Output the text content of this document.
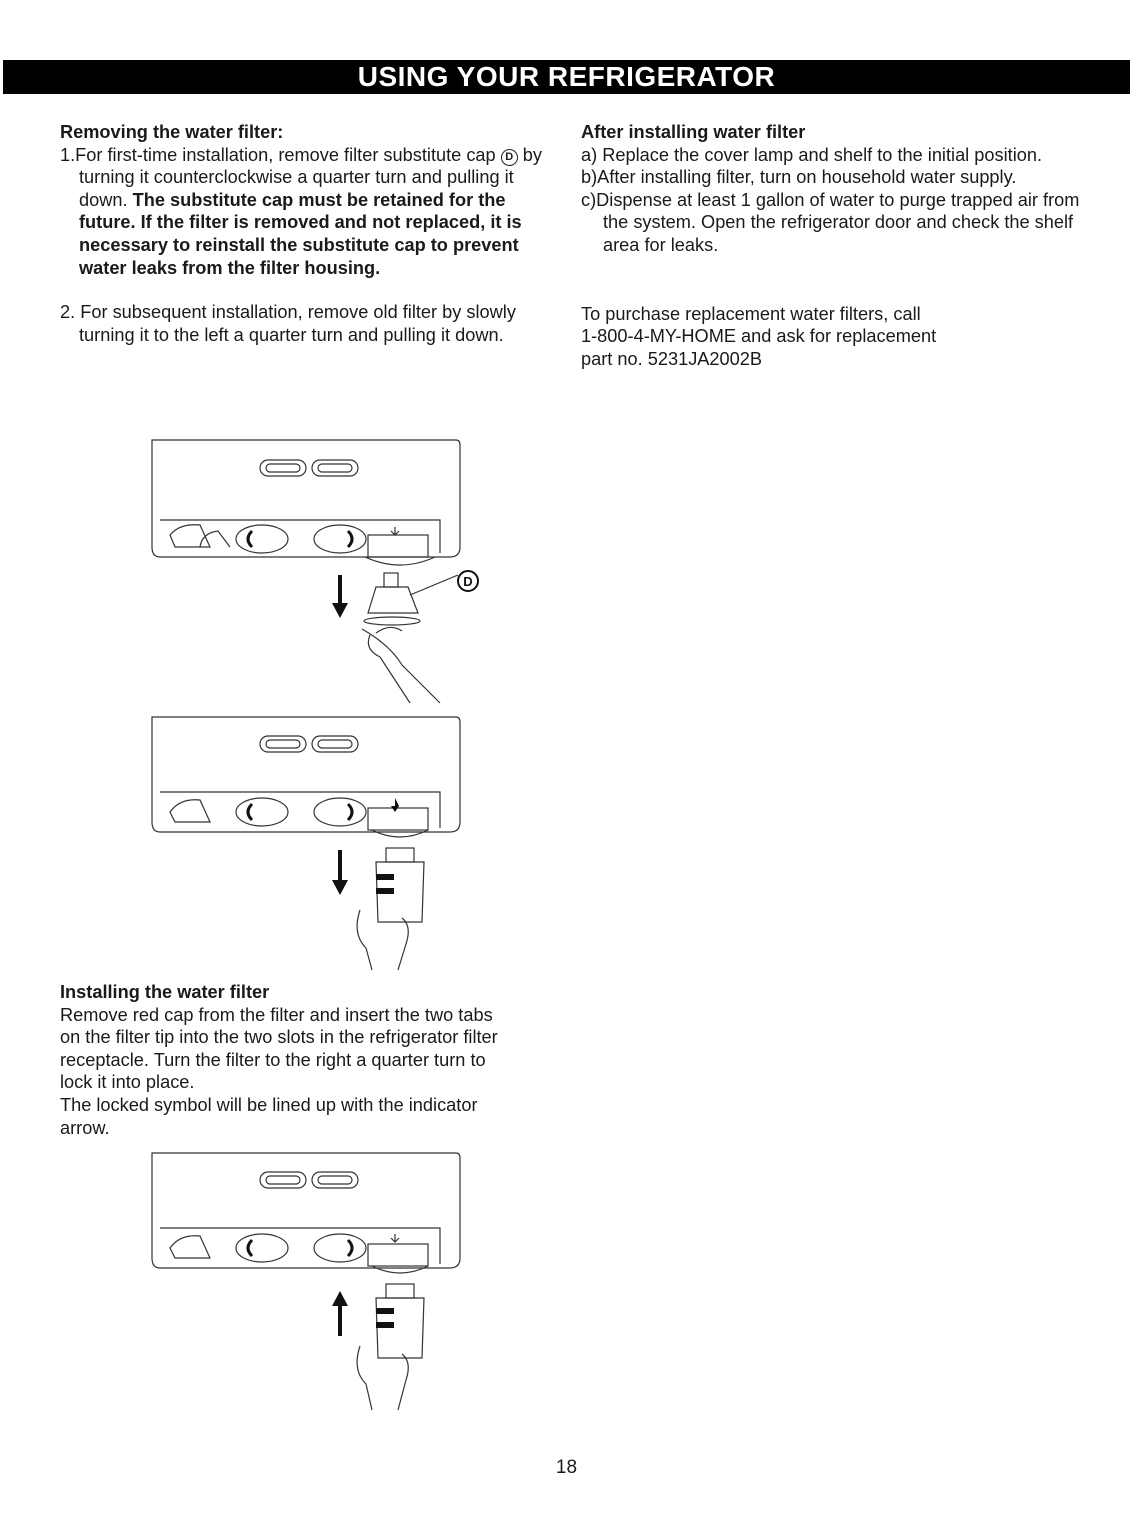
USING YOUR REFRIGERATOR
Removing the water filter:
1.For first-time installation, remove filter substitute cap D by turning it counterclockwise a quarter turn and pulling it down. The substitute cap must be retained for the future. If the filter is removed and not replaced, it is necessary to reinstall the substitute cap to prevent water leaks from the filter housing.
2. For subsequent installation, remove old filter by slowly turning it to the left a quarter turn and pulling it down.
After installing water filter
a) Replace the cover lamp and shelf to the initial position.
b)After installing filter, turn on household water supply.
c)Dispense at least 1 gallon of water to purge trapped air from the system. Open the refrigerator door and check the shelf area for leaks.
To purchase replacement water filters, call
1-800-4-MY-HOME and ask for replacement
part no. 5231JA2002B
D
Installing the water filter
Remove red cap from the filter and insert the two tabs on the filter tip into the two slots in the refrigerator filter receptacle. Turn the filter to the right a quarter turn to lock it into place.
The locked symbol will be lined up with the indicator arrow.
18
